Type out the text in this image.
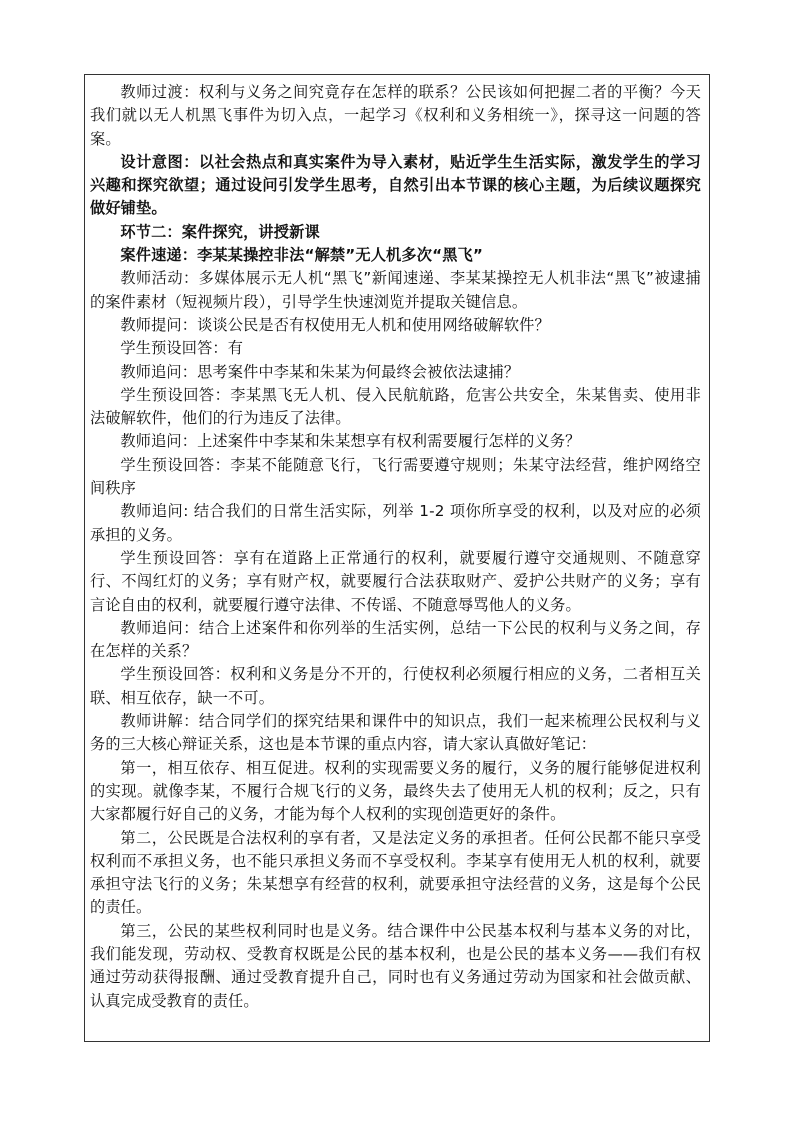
教师过渡：权利与义务之间究竟存在怎样的联系？公民该如何把握二者的平衡？今天我们就以无人机黑飞事件为切入点，一起学习《权利和义务相统一》，探寻这一问题的答案。

设计意图：以社会热点和真实案件为导入素材，贴近学生生活实际，激发学生的学习兴趣和探究欲望；通过设问引发学生思考，自然引出本节课的核心主题，为后续议题探究做好铺垫。

环节二：案件探究，讲授新课

案件速递：李某某操控非法“解禁”无人机多次“黑飞”

教师活动：多媒体展示无人机“黑飞”新闻速递、李某某操控无人机非法“黑飞”被逮捕的案件素材（短视频片段），引导学生快速浏览并提取关键信息。

教师提问：谈谈公民是否有权使用无人机和使用网络破解软件？

学生预设回答：有

教师追问：思考案件中李某和朱某为何最终会被依法逮捕？

学生预设回答：李某黑飞无人机、侵入民航航路，危害公共安全，朱某售卖、使用非法破解软件，他们的行为违反了法律。

教师追问：上述案件中李某和朱某想享有权利需要履行怎样的义务？

学生预设回答：李某不能随意飞行，飞行需要遵守规则；朱某守法经营，维护网络空间秩序

教师追问: 结合我们的日常生活实际，列举 1-2 项你所享受的权利，以及对应的必须承担的义务。

学生预设回答：享有在道路上正常通行的权利，就要履行遵守交通规则、不随意穿行、不闯红灯的义务；享有财产权，就要履行合法获取财产、爱护公共财产的义务；享有言论自由的权利，就要履行遵守法律、不传谣、不随意辱骂他人的义务。

教师追问：结合上述案件和你列举的生活实例，总结一下公民的权利与义务之间，存在怎样的关系？

学生预设回答：权利和义务是分不开的，行使权利必须履行相应的义务，二者相互关联、相互依存，缺一不可。

教师讲解：结合同学们的探究结果和课件中的知识点，我们一起来梳理公民权利与义务的三大核心辩证关系，这也是本节课的重点内容，请大家认真做好笔记：

第一，相互依存、相互促进。权利的实现需要义务的履行，义务的履行能够促进权利的实现。就像李某，不履行合规飞行的义务，最终失去了使用无人机的权利；反之，只有大家都履行好自己的义务，才能为每个人权利的实现创造更好的条件。

第二，公民既是合法权利的享有者，又是法定义务的承担者。任何公民都不能只享受权利而不承担义务，也不能只承担义务而不享受权利。李某享有使用无人机的权利，就要承担守法飞行的义务；朱某想享有经营的权利，就要承担守法经营的义务，这是每个公民的责任。

第三，公民的某些权利同时也是义务。结合课件中公民基本权利与基本义务的对比，我们能发现，劳动权、受教育权既是公民的基本权利，也是公民的基本义务——我们有权通过劳动获得报酬、通过受教育提升自己，同时也有义务通过劳动为国家和社会做贡献、认真完成受教育的责任。
